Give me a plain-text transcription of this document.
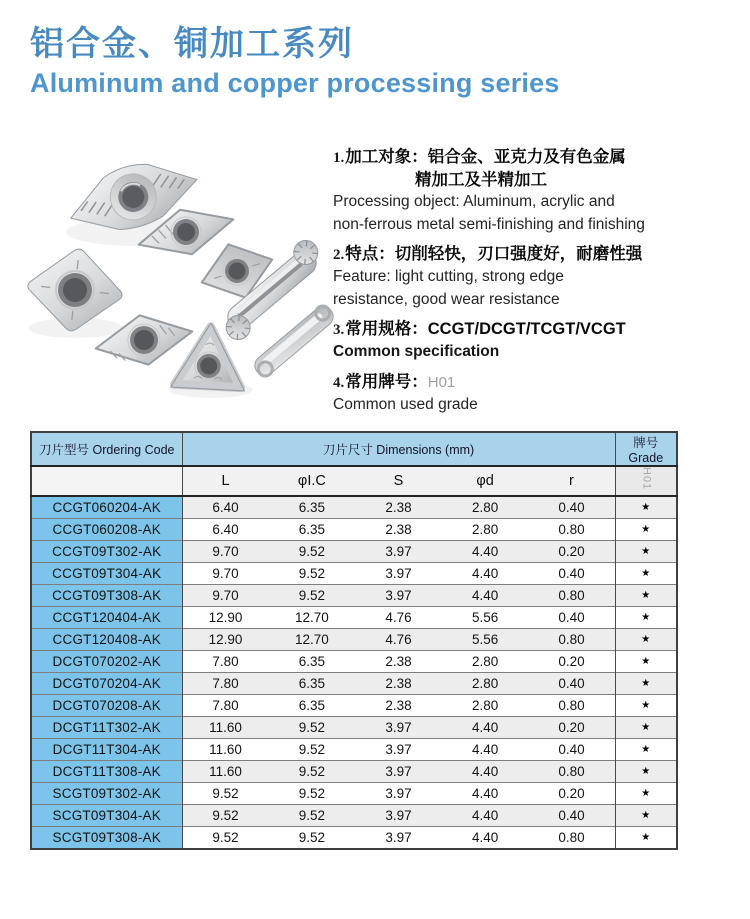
铝合金、铜加工系列
Aluminum and copper processing series
1.加工对象：铝合金、亚克力及有色金属
精加工及半精加工
Processing object: Aluminum, acrylic and
non-ferrous metal semi-finishing and finishing
2.特点：切削轻快，刃口强度好，耐磨性强
Feature: light cutting, strong edge
resistance, good wear resistance
3.常用规格：CCGT/DCGT/TCGT/VCGT
Common specification
4.常用牌号：H01
Common used grade
刀片型号 Ordering Code	刀片尺寸 Dimensions (mm)					牌号 Grade
	L	φI.C	S	φd	r	H01
CCGT060204-AK	6.40	6.35	2.38	2.80	0.40	★
CCGT060208-AK	6.40	6.35	2.38	2.80	0.80	★
CCGT09T302-AK	9.70	9.52	3.97	4.40	0.20	★
CCGT09T304-AK	9.70	9.52	3.97	4.40	0.40	★
CCGT09T308-AK	9.70	9.52	3.97	4.40	0.80	★
CCGT120404-AK	12.90	12.70	4.76	5.56	0.40	★
CCGT120408-AK	12.90	12.70	4.76	5.56	0.80	★
DCGT070202-AK	7.80	6.35	2.38	2.80	0.20	★
DCGT070204-AK	7.80	6.35	2.38	2.80	0.40	★
DCGT070208-AK	7.80	6.35	2.38	2.80	0.80	★
DCGT11T302-AK	11.60	9.52	3.97	4.40	0.20	★
DCGT11T304-AK	11.60	9.52	3.97	4.40	0.40	★
DCGT11T308-AK	11.60	9.52	3.97	4.40	0.80	★
SCGT09T302-AK	9.52	9.52	3.97	4.40	0.20	★
SCGT09T304-AK	9.52	9.52	3.97	4.40	0.40	★
SCGT09T308-AK	9.52	9.52	3.97	4.40	0.80	★
